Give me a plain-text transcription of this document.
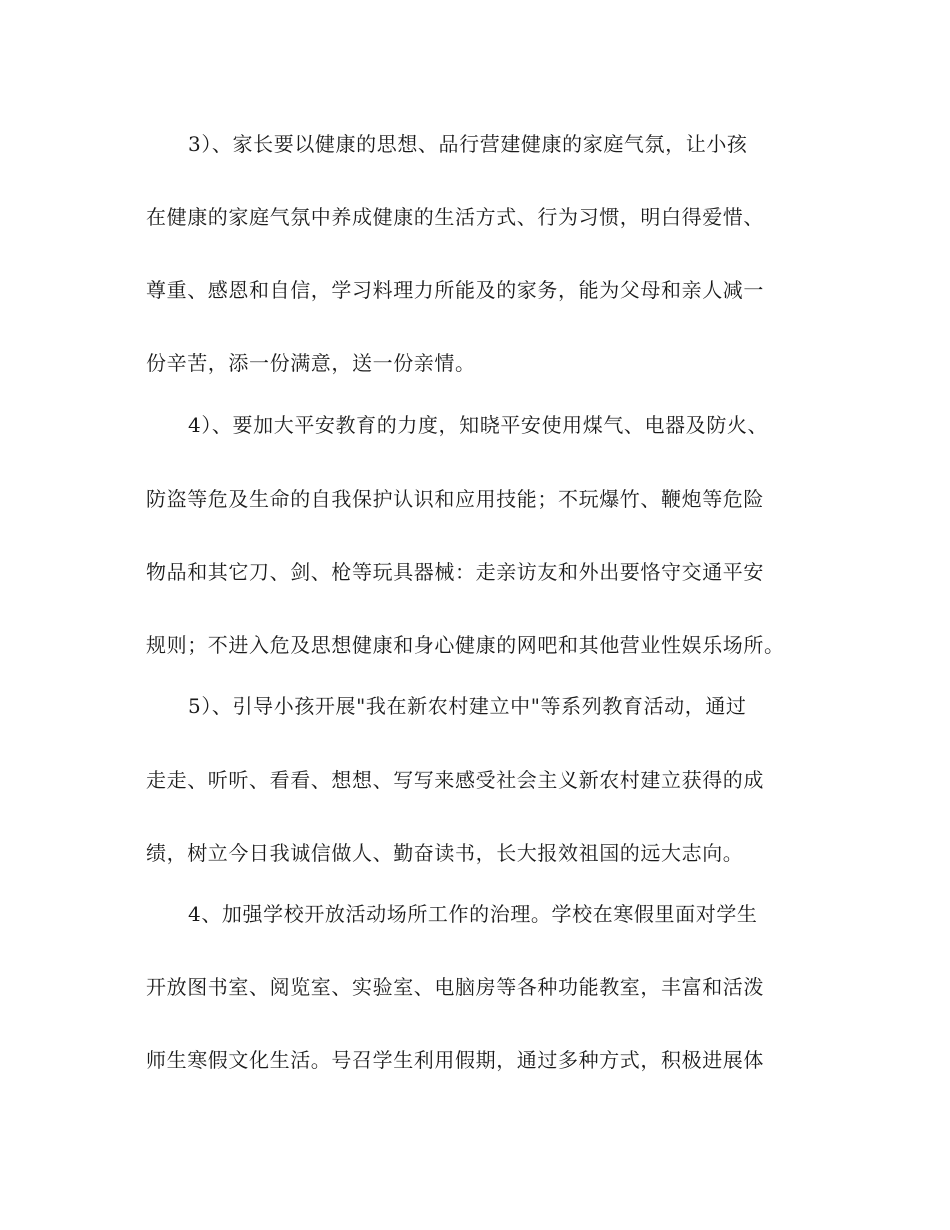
3）、家长要以健康的思想、品行营建健康的家庭气氛，让小孩
在健康的家庭气氛中养成健康的生活方式、行为习惯，明白得爱惜、
尊重、感恩和自信，学习料理力所能及的家务，能为父母和亲人减一
份辛苦，添一份满意，送一份亲情。
4）、要加大平安教育的力度，知晓平安使用煤气、电器及防火、
防盗等危及生命的自我保护认识和应用技能；不玩爆竹、鞭炮等危险
物品和其它刀、剑、枪等玩具器械：走亲访友和外出要恪守交通平安
规则；不进入危及思想健康和身心健康的网吧和其他营业性娱乐场所。
5）、引导小孩开展"我在新农村建立中"等系列教育活动，通过
走走、听听、看看、想想、写写来感受社会主义新农村建立获得的成
绩，树立今日我诚信做人、勤奋读书，长大报效祖国的远大志向。
4、加强学校开放活动场所工作的治理。学校在寒假里面对学生
开放图书室、阅览室、实验室、电脑房等各种功能教室，丰富和活泼
师生寒假文化生活。号召学生利用假期，通过多种方式，积极进展体
